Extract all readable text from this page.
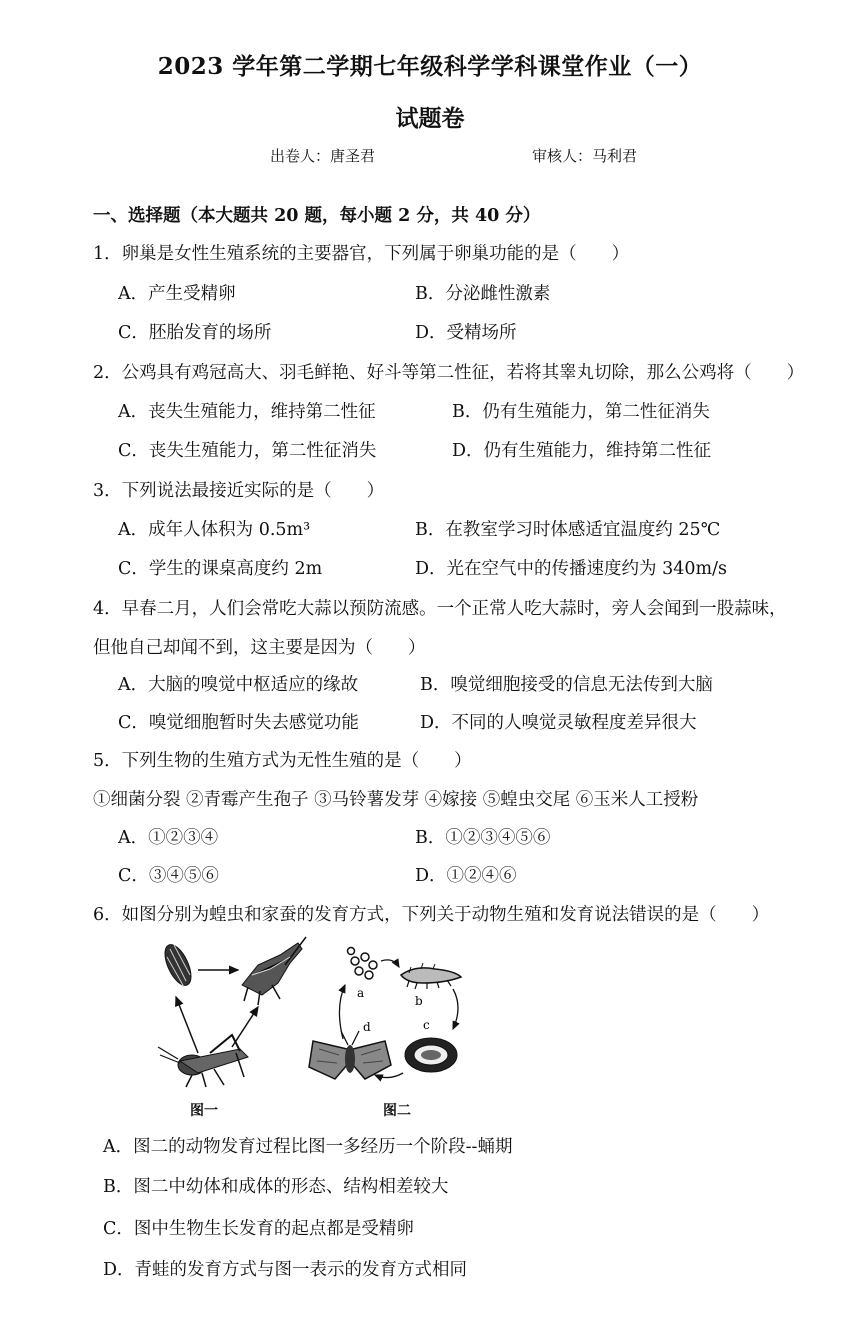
2023 学年第二学期七年级科学学科课堂作业（一）
试题卷
出卷人：唐圣君	审核人：马利君
一、选择题（本大题共 20 题，每小题 2 分，共 40 分）
1．卵巢是女性生殖系统的主要器官，下列属于卵巢功能的是（　　）
A．产生受精卵	B．分泌雌性激素
C．胚胎发育的场所	D．受精场所
2．公鸡具有鸡冠高大、羽毛鲜艳、好斗等第二性征，若将其睾丸切除，那么公鸡将（　　）
A．丧失生殖能力，维持第二性征	B．仍有生殖能力，第二性征消失
C．丧失生殖能力，第二性征消失	D．仍有生殖能力，维持第二性征
3．下列说法最接近实际的是（　　）
A．成年人体积为 0.5m³	B．在教室学习时体感适宜温度约 25℃
C．学生的课桌高度约 2m	D．光在空气中的传播速度约为 340m/s
4．早春二月，人们会常吃大蒜以预防流感。一个正常人吃大蒜时，旁人会闻到一股蒜味，
但他自己却闻不到，这主要是因为（　　）
A．大脑的嗅觉中枢适应的缘故	B．嗅觉细胞接受的信息无法传到大脑
C．嗅觉细胞暂时失去感觉功能	D．不同的人嗅觉灵敏程度差异很大
5．下列生物的生殖方式为无性生殖的是（　　）
①细菌分裂 ②青霉产生孢子 ③马铃薯发芽 ④嫁接 ⑤蝗虫交尾 ⑥玉米人工授粉
A．①②③④	B．①②③④⑤⑥
C．③④⑤⑥	D．①②④⑥
6．如图分别为蝗虫和家蚕的发育方式，下列关于动物生殖和发育说法错误的是（　　）
图一
a
b
c
d
图二
A．图二的动物发育过程比图一多经历一个阶段--蛹期
B．图二中幼体和成体的形态、结构相差较大
C．图中生物生长发育的起点都是受精卵
D．青蛙的发育方式与图一表示的发育方式相同
